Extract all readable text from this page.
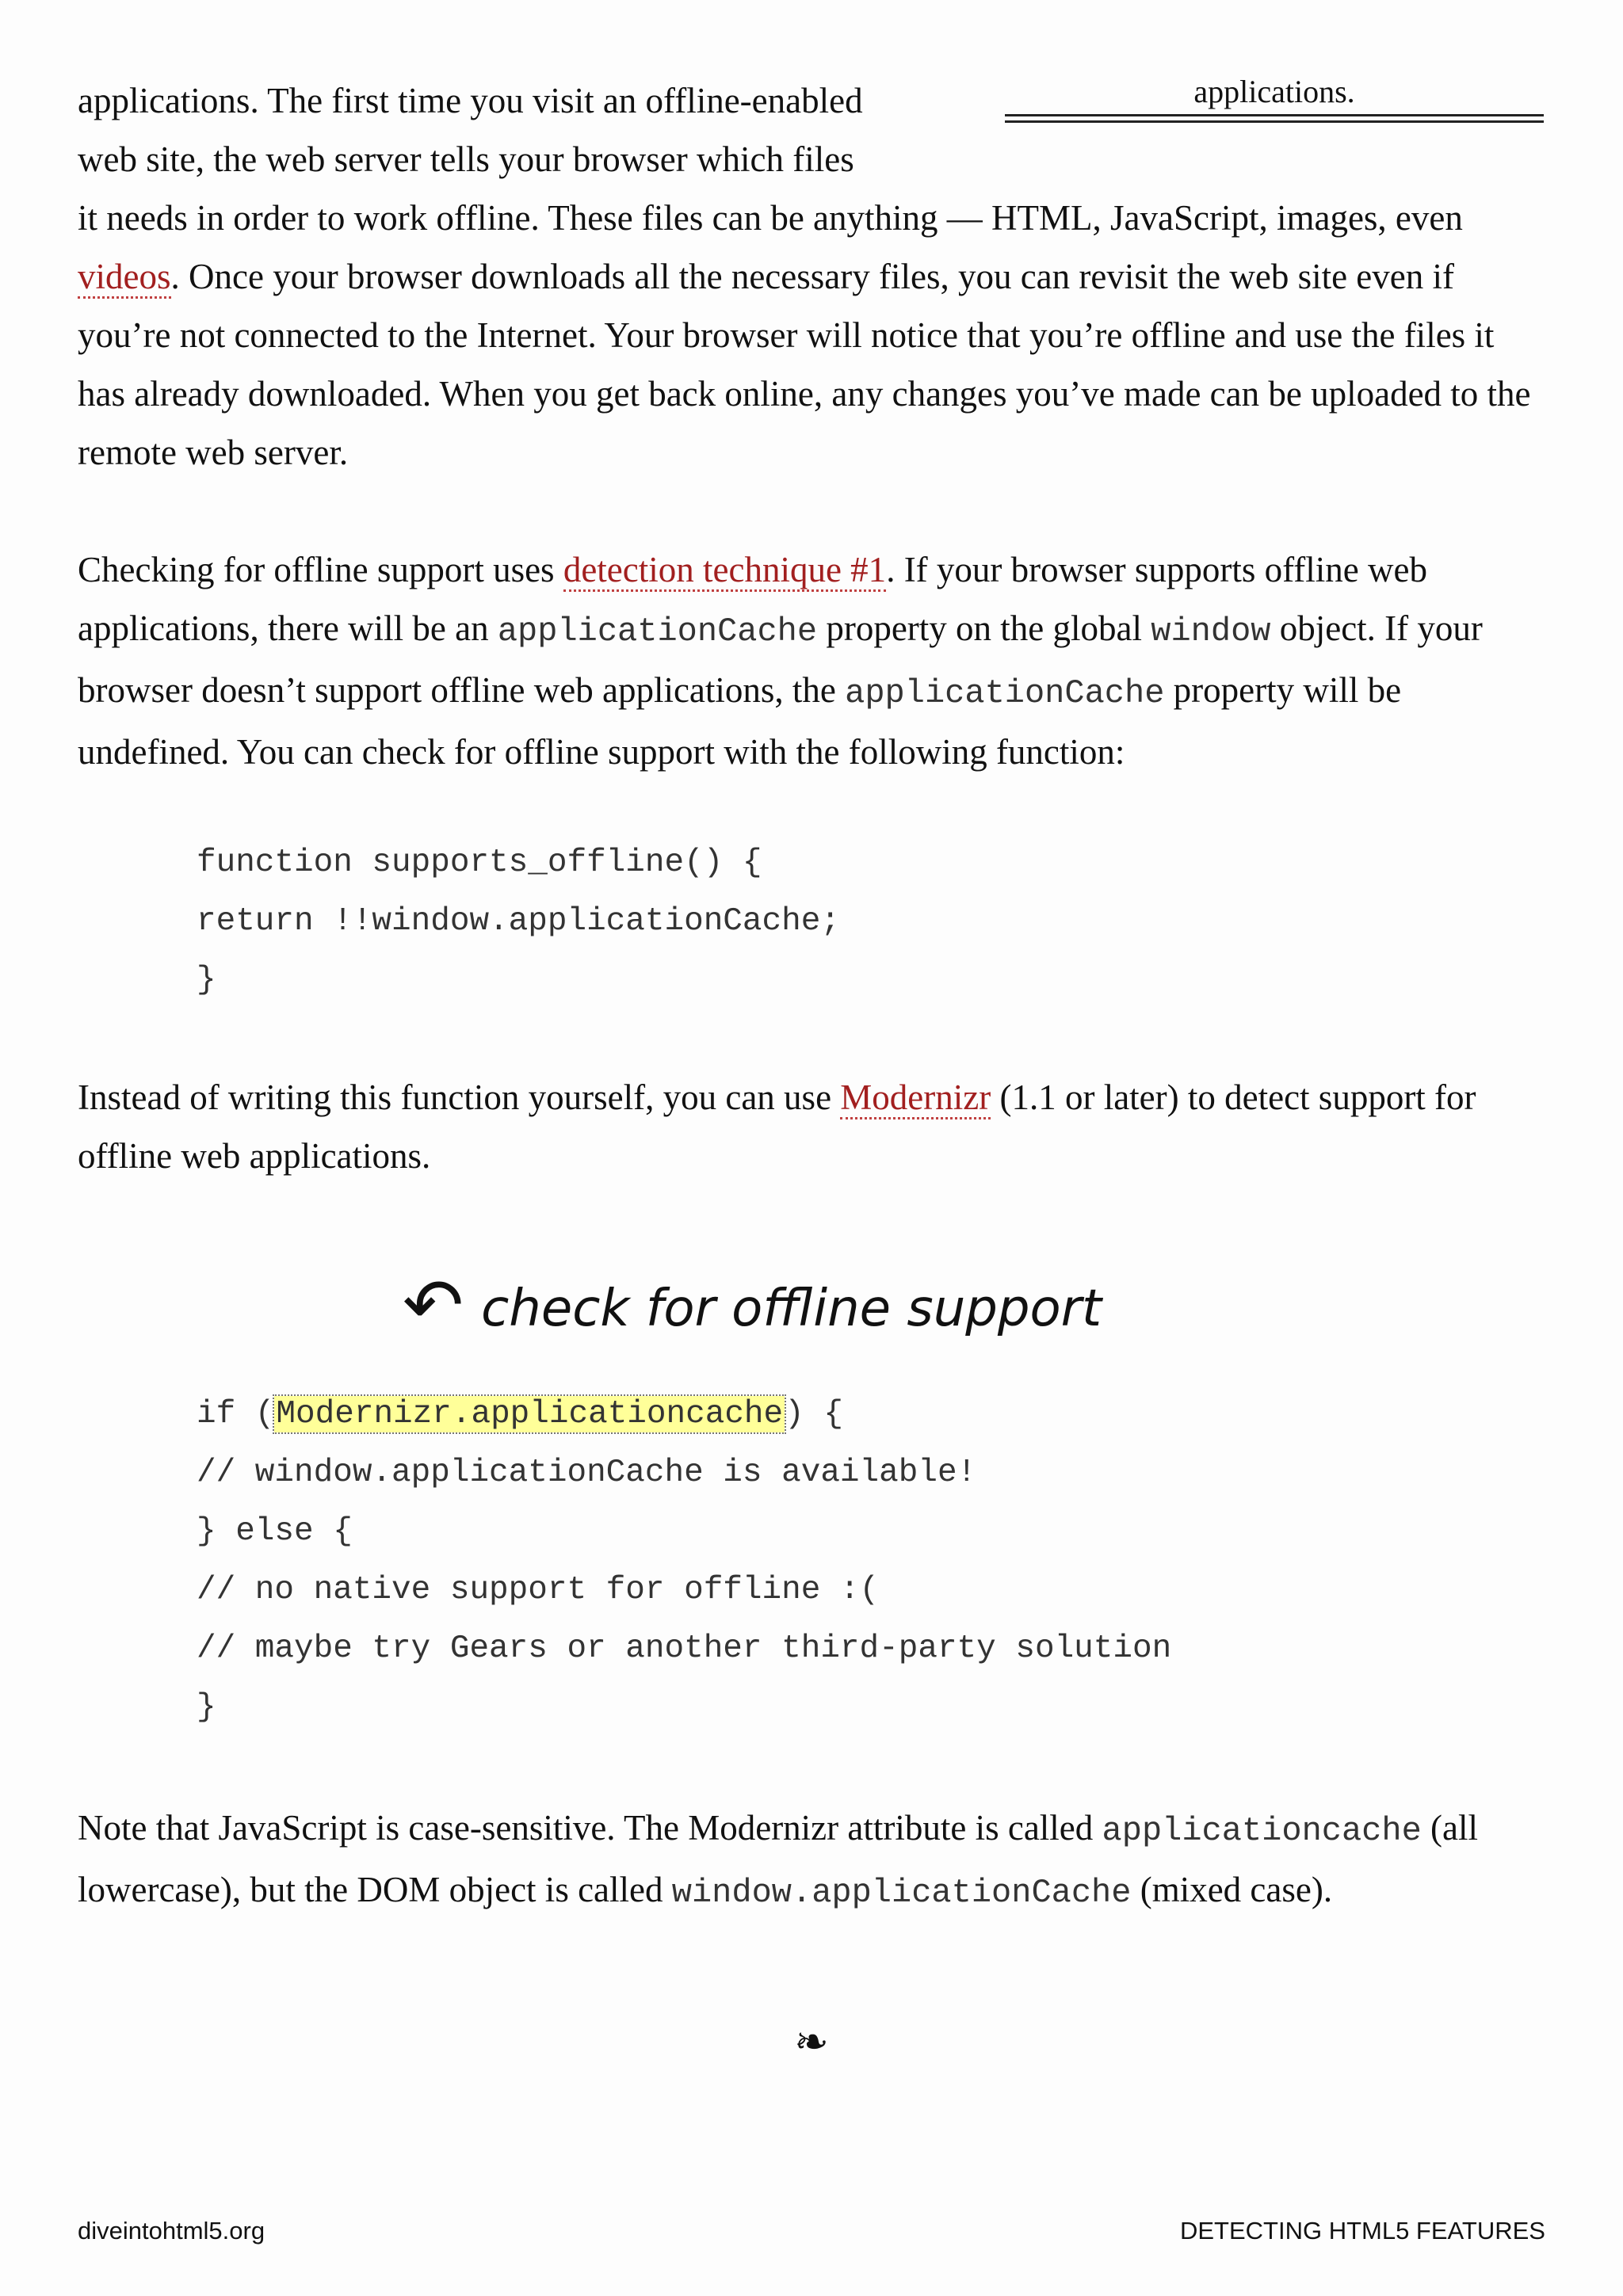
applications.
applications. The first time you visit an offline-enabled
web site, the web server tells your browser which files

it needs in order to work offline. These files can be anything — HTML, JavaScript, images, even videos. Once your browser downloads all the necessary files, you can revisit the web site even if you’re not connected to the Internet. Your browser will notice that you’re offline and use the files it has already downloaded. When you get back online, any changes you’ve made can be uploaded to the remote web server.

Checking for offline support uses detection technique #1. If your browser supports offline web applications, there will be an applicationCache property on the global window object. If your browser doesn’t support offline web applications, the applicationCache property will be undefined. You can check for offline support with the following function:

function supports_offline() {
return !!window.applicationCache;
}

Instead of writing this function yourself, you can use Modernizr (1.1 or later) to detect support for offline web applications.

↶ check for offline support
if (Modernizr.applicationcache) {
// window.applicationCache is available!
} else {
// no native support for offline :(
// maybe try Gears or another third-party solution
}

Note that JavaScript is case-sensitive. The Modernizr attribute is called applicationcache (all lowercase), but the DOM object is called window.applicationCache (mixed case).

❧
diveintohtml5.org	DETECTING HTML5 FEATURES
